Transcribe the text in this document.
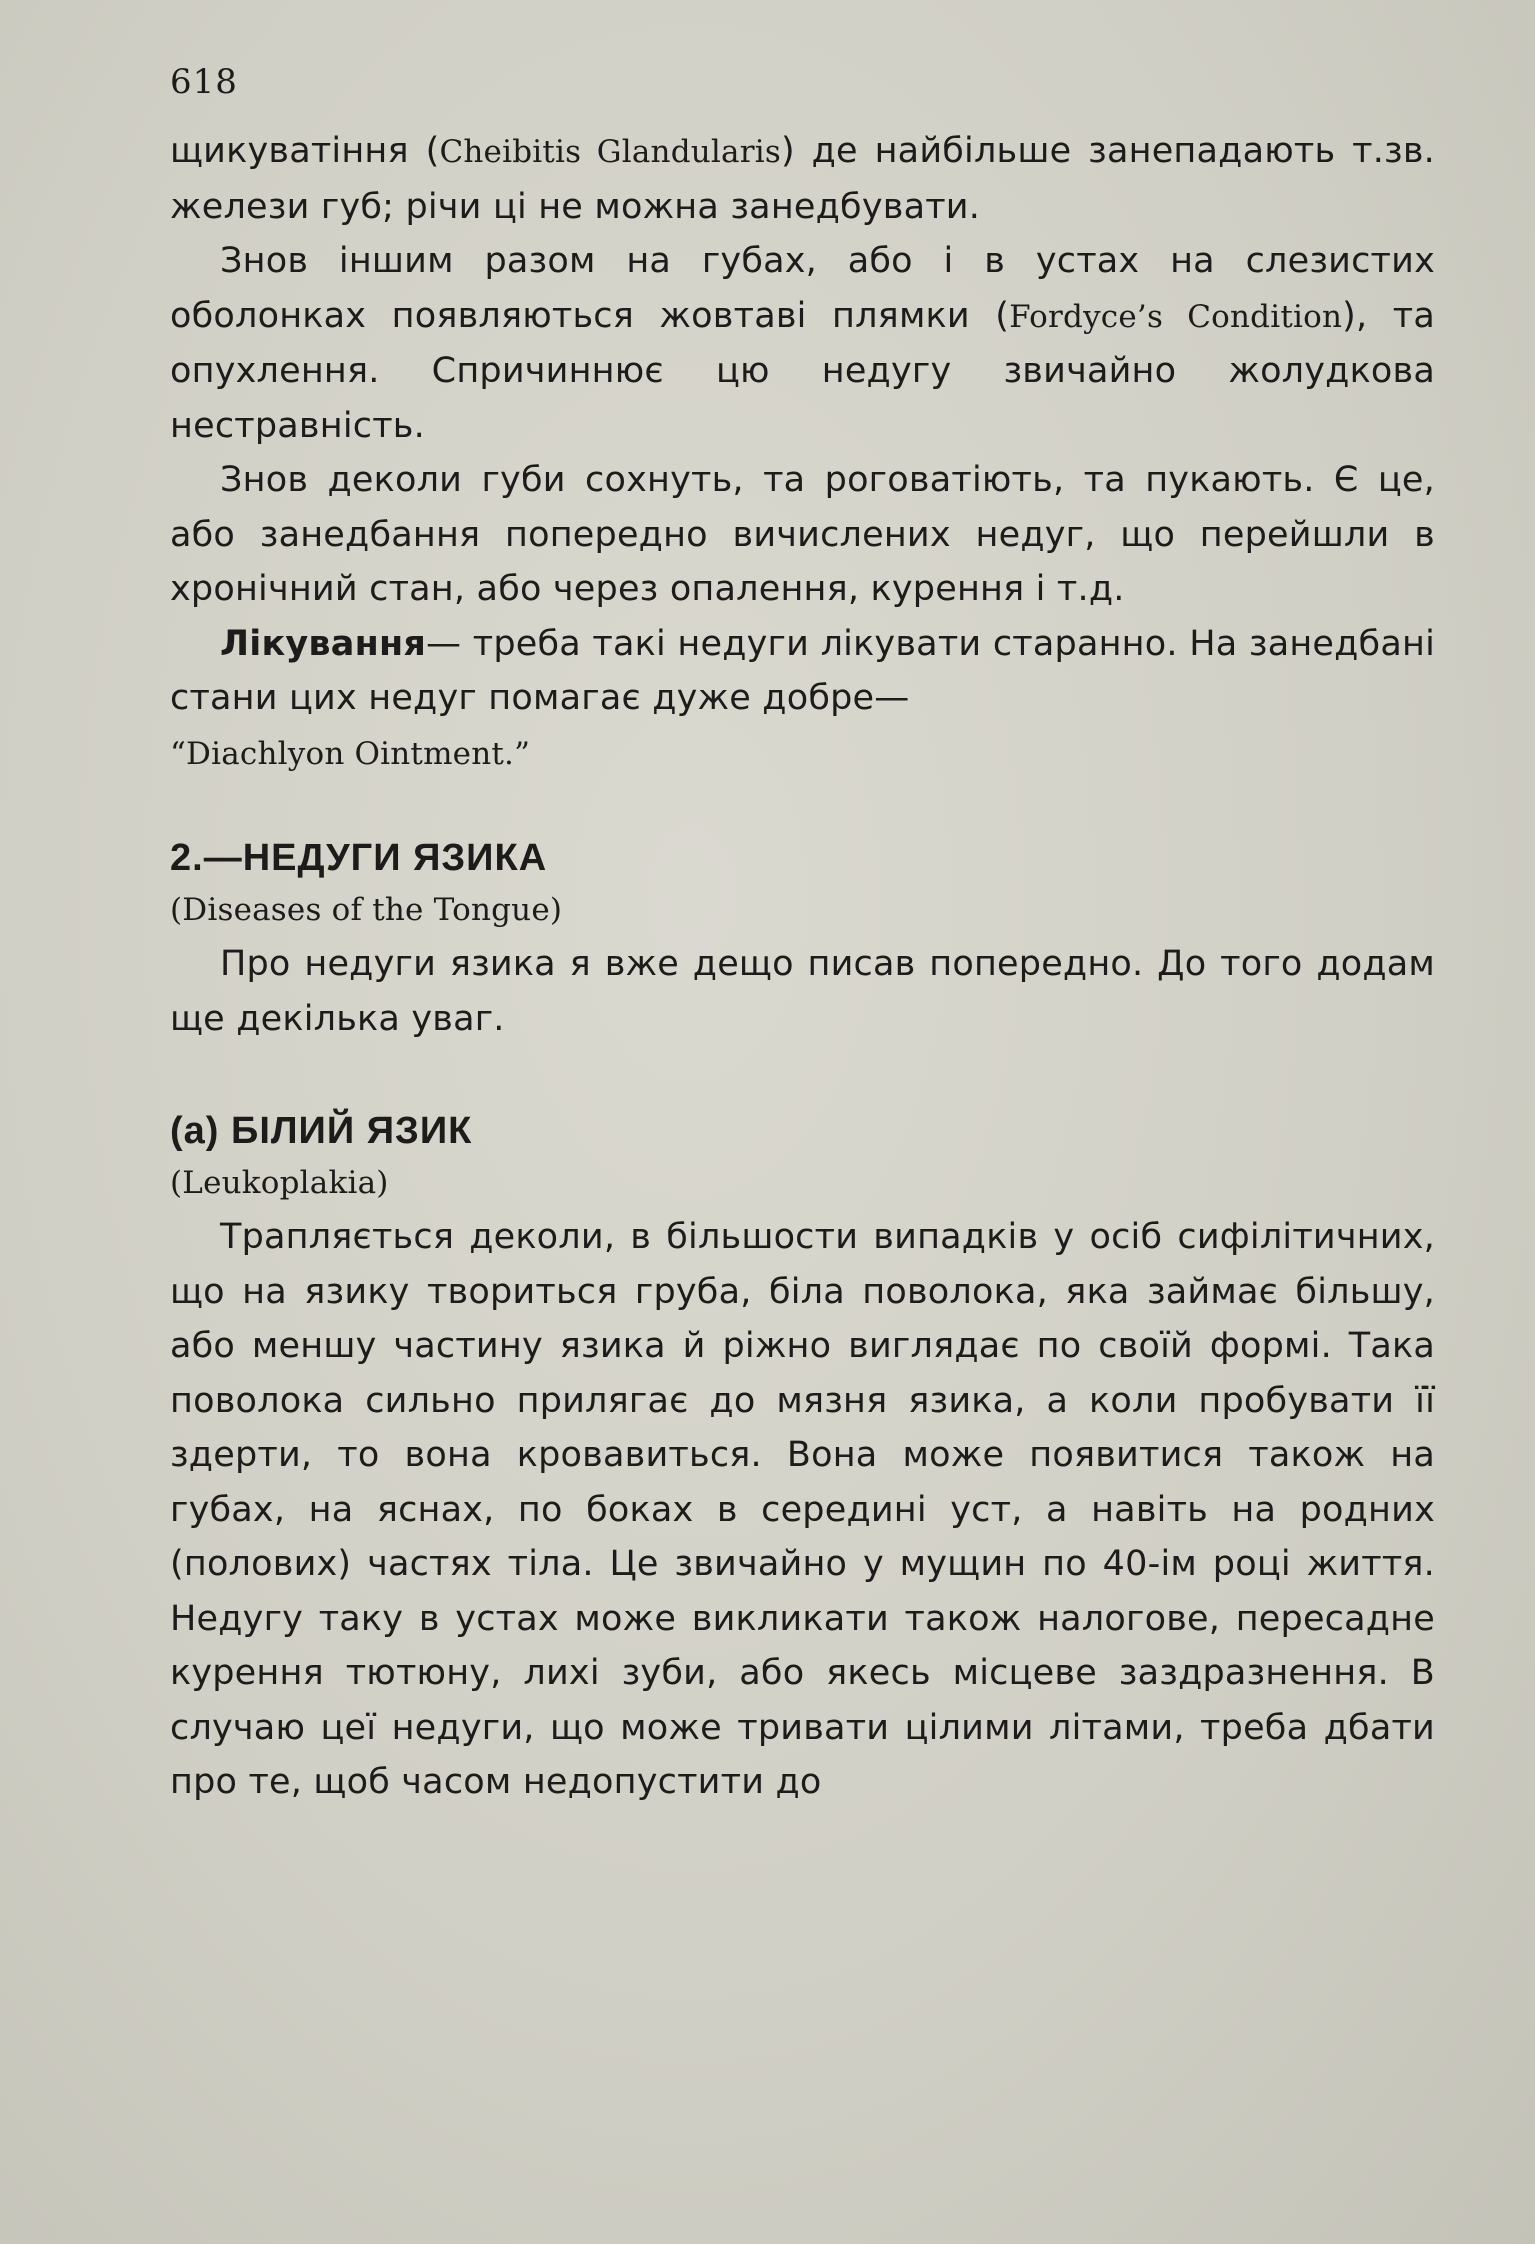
618

щикуватіння (Cheibitis Glandularis) де найбільше занепадають т.зв. желези губ; річи ці не можна занедбувати.

Знов іншим разом на губах, або і в устах на слезистих оболонках появляються жовтаві плямки (Fordyce’s Condition), та опухлення. Спричиннює цю недугу звичайно жолудкова нестравність.

Знов деколи губи сохнуть, та роговатіють, та пукають. Є це, або занедбання попередно вичислених недуг, що перейшли в хронічний стан, або через опалення, курення і т.д.

Лікування— треба такі недуги лікувати старанно. На занедбані стани цих недуг помагає дуже добре—
“Diachlyon Ointment.”

2.—НЕДУГИ ЯЗИКА
(Diseases of the Tongue)

Про недуги язика я вже дещо писав попередно. До того додам ще декілька уваг.

(a) БІЛИЙ ЯЗИК
(Leukoplakia)

Трапляється деколи, в більшости випадків у осіб сифілітичних, що на язику твориться груба, біла поволока, яка займає більшу, або меншу частину язика й ріжно виглядає по своїй формі. Така поволока сильно прилягає до мязня язика, а коли пробувати її здерти, то вона кровавиться. Вона може появитися також на губах, на яснах, по боках в середині уст, а навіть на родних (полових) частях тіла. Це звичайно у мущин по 40-ім році життя. Недугу таку в устах може викликати також налогове, пересадне курення тютюну, лихі зуби, або якесь місцеве заздразнення. В случаю цеї недуги, що може тривати цілими літами, треба дбати про те, щоб часом недопустити до
